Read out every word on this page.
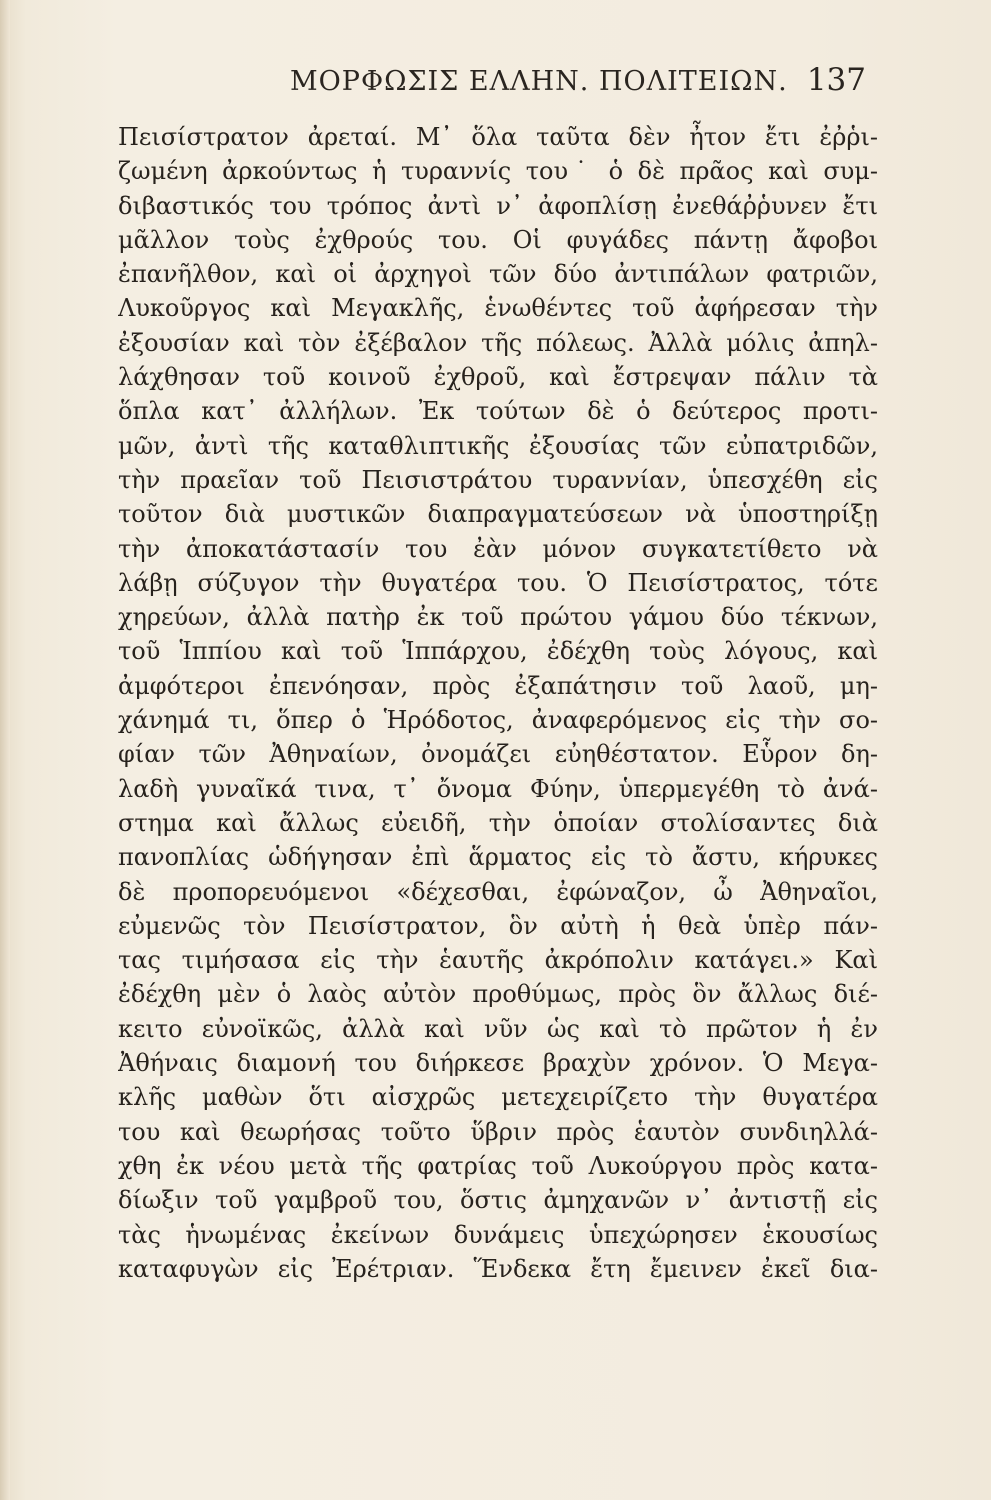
ΜΟΡΦΩΣΙΣ ΕΛΛΗΝ. ΠΟΛΙΤΕΙΩΝ. 137
Πεισίστρατον ἀρεταί. Μ᾽ ὅλα ταῦτα δὲν ἦτον ἔτι ἐῤῥι-
ζωμένη ἀρκούντως ἡ τυραννίς του˙ ὁ δὲ πρᾶος καὶ συμ-
διβαστικός του τρόπος ἀντὶ ν᾽ ἀφοπλίσῃ ἐνεθάῤῥυνεν ἔτι
μᾶλλον τοὺς ἐχθρούς του. Οἱ φυγάδες πάντῃ ἄφοβοι
ἐπανῆλθον, καὶ οἱ ἀρχηγοὶ τῶν δύο ἀντιπάλων φατριῶν,
Λυκοῦργος καὶ Μεγακλῆς, ἑνωθέντες τοῦ ἀφήρεσαν τὴν
ἐξουσίαν καὶ τὸν ἐξέβαλον τῆς πόλεως. Ἀλλὰ μόλις ἀπηλ-
λάχθησαν τοῦ κοινοῦ ἐχθροῦ, καὶ ἔστρεψαν πάλιν τὰ
ὅπλα κατ᾽ ἀλλήλων. Ἐκ τούτων δὲ ὁ δεύτερος προτι-
μῶν, ἀντὶ τῆς καταθλιπτικῆς ἐξουσίας τῶν εὐπατριδῶν,
τὴν πραεῖαν τοῦ Πεισιστράτου τυραννίαν, ὑπεσχέθη εἰς
τοῦτον διὰ μυστικῶν διαπραγματεύσεων νὰ ὑποστηρίξῃ
τὴν ἀποκατάστασίν του ἐὰν μόνον συγκατετίθετο νὰ
λάβῃ σύζυγον τὴν θυγατέρα του. Ὁ Πεισίστρατος, τότε
χηρεύων, ἀλλὰ πατὴρ ἐκ τοῦ πρώτου γάμου δύο τέκνων,
τοῦ Ἱππίου καὶ τοῦ Ἱππάρχου, ἐδέχθη τοὺς λόγους, καὶ
ἀμφότεροι ἐπενόησαν, πρὸς ἐξαπάτησιν τοῦ λαοῦ, μη-
χάνημά τι, ὅπερ ὁ Ἡρόδοτος, ἀναφερόμενος εἰς τὴν σο-
φίαν τῶν Ἀθηναίων, ὀνομάζει εὐηθέστατον. Εὗρον δη-
λαδὴ γυναῖκά τινα, τ᾽ ὄνομα Φύην, ὑπερμεγέθη τὸ ἀνά-
στημα καὶ ἄλλως εὐειδῆ, τὴν ὁποίαν στολίσαντες διὰ
πανοπλίας ὡδήγησαν ἐπὶ ἅρματος εἰς τὸ ἄστυ, κήρυκες
δὲ προπορευόμενοι «δέχεσθαι, ἐφώναζον, ὦ Ἀθηναῖοι,
εὐμενῶς τὸν Πεισίστρατον, ὃν αὐτὴ ἡ θεὰ ὑπὲρ πάν-
τας τιμήσασα εἰς τὴν ἑαυτῆς ἀκρόπολιν κατάγει.» Καὶ
ἐδέχθη μὲν ὁ λαὸς αὐτὸν προθύμως, πρὸς ὃν ἄλλως διέ-
κειτο εὐνοϊκῶς, ἀλλὰ καὶ νῦν ὡς καὶ τὸ πρῶτον ἡ ἐν
Ἀθήναις διαμονή του διήρκεσε βραχὺν χρόνον. Ὁ Μεγα-
κλῆς μαθὼν ὅτι αἰσχρῶς μετεχειρίζετο τὴν θυγατέρα
του καὶ θεωρήσας τοῦτο ὕβριν πρὸς ἑαυτὸν συνδιηλλά-
χθη ἐκ νέου μετὰ τῆς φατρίας τοῦ Λυκούργου πρὸς κατα-
δίωξιν τοῦ γαμβροῦ του, ὅστις ἀμηχανῶν ν᾽ ἀντιστῇ εἰς
τὰς ἡνωμένας ἐκείνων δυνάμεις ὑπεχώρησεν ἑκουσίως
καταφυγὼν εἰς Ἐρέτριαν. Ἕνδεκα ἔτη ἔμεινεν ἐκεῖ δια-
